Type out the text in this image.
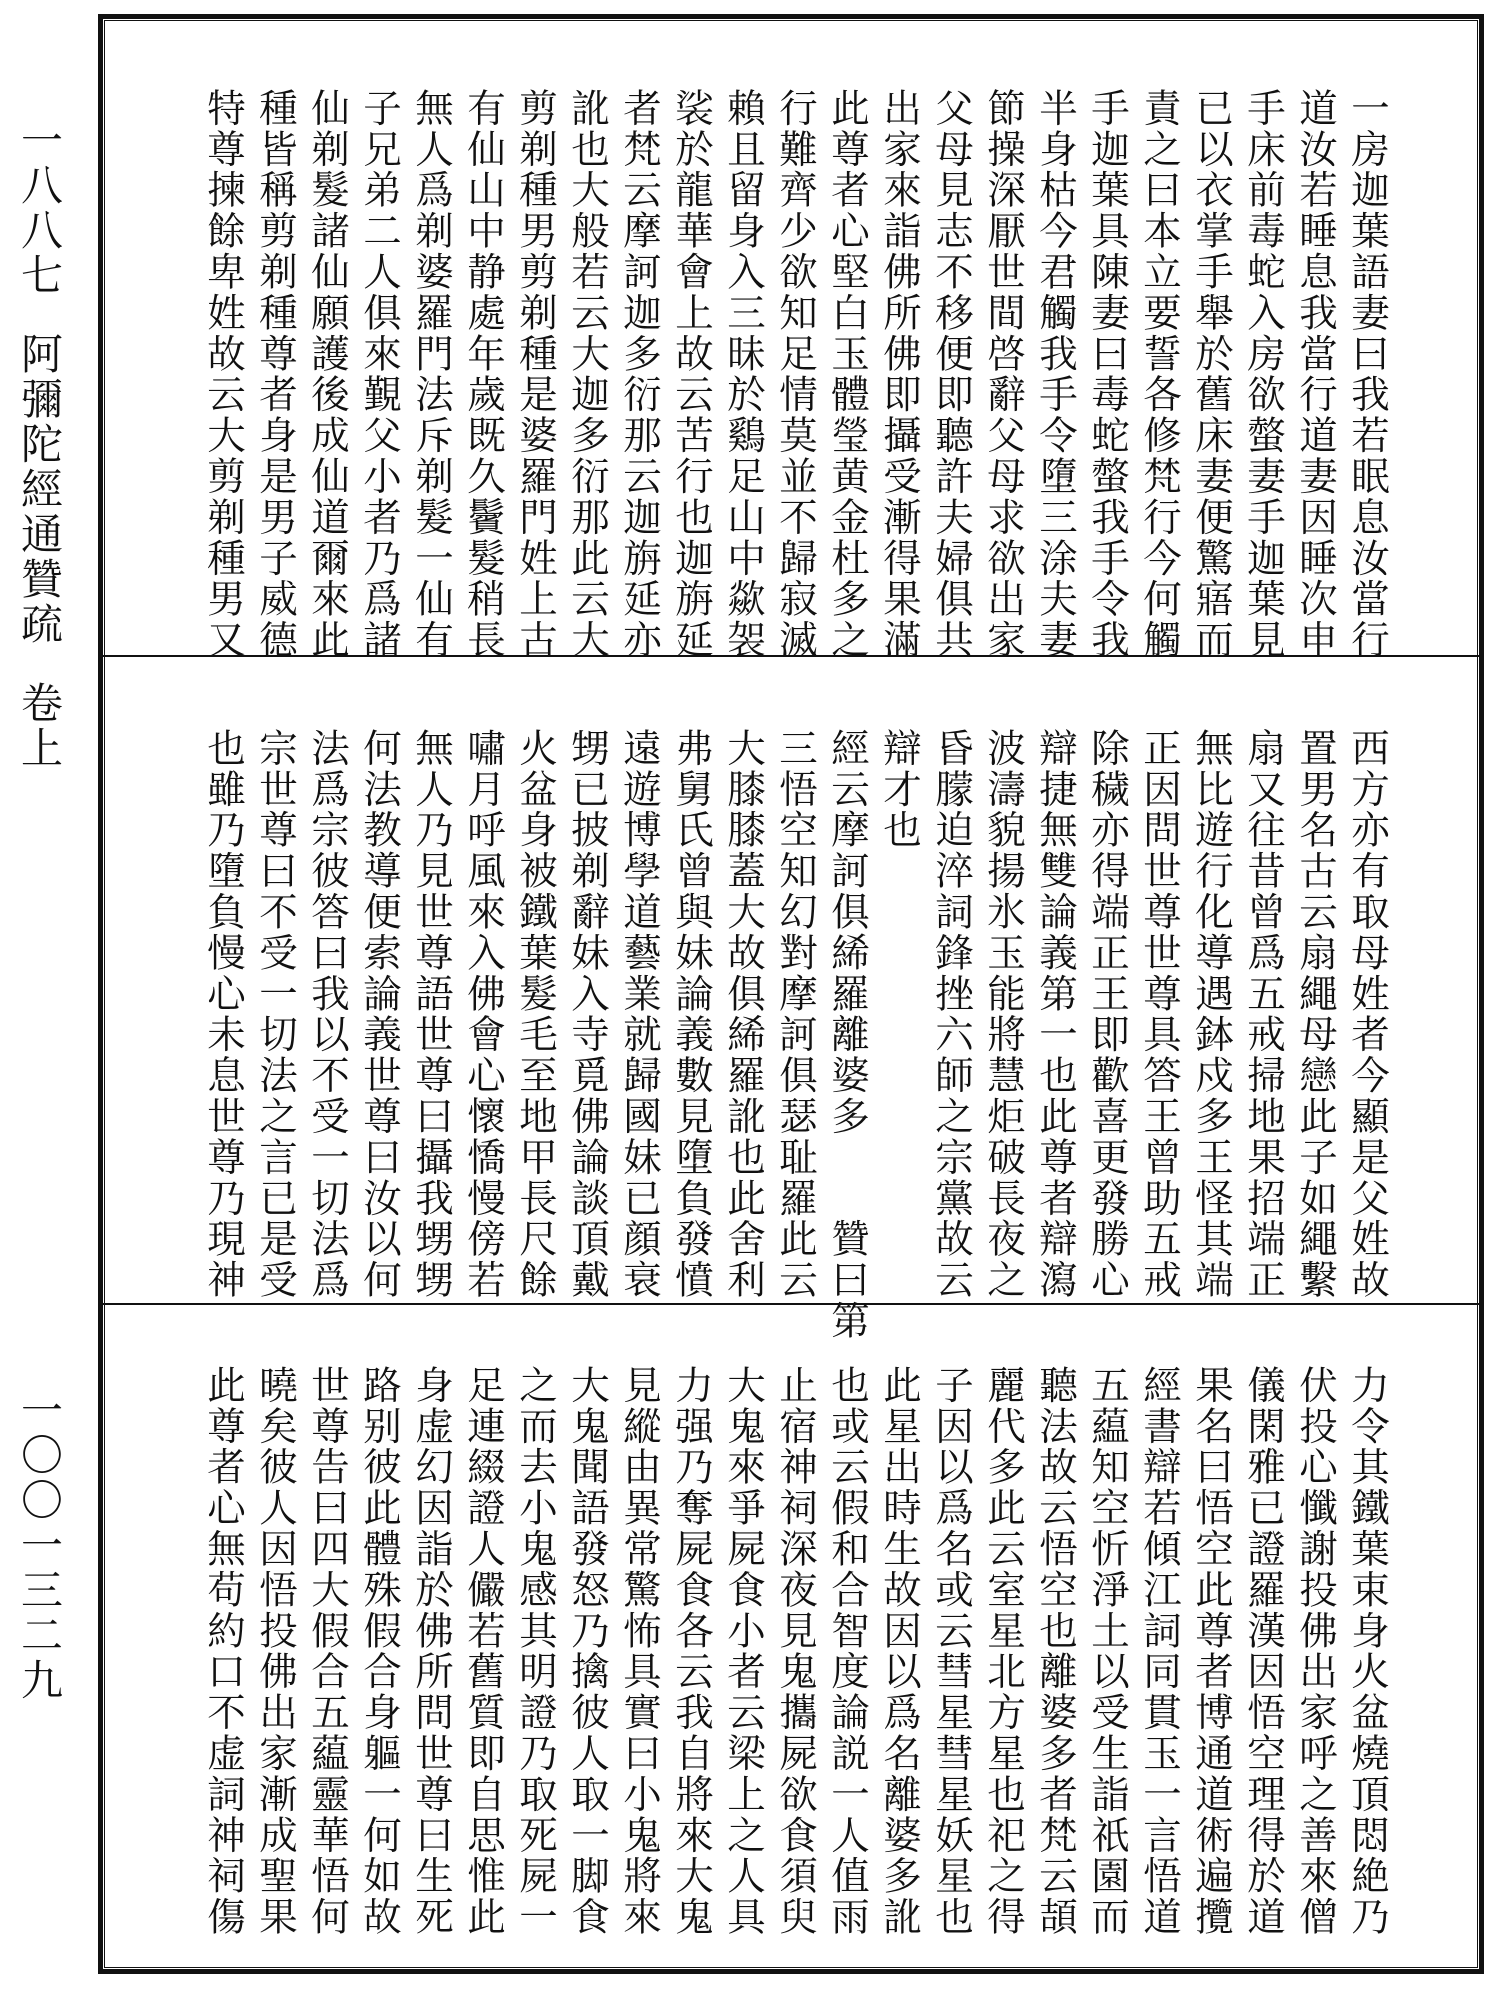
一八八七阿彌陀經通贊疏卷上
一〇〇一三二九
一房迦葉語妻曰我若眠息汝當行
道汝若睡息我當行道妻因睡次申
手床前毒蛇入房欲螫妻手迦葉見
已以衣掌手舉於舊床妻便驚寤而
責之曰本立要誓各修梵行今何觸
手迦葉具陳妻曰毒蛇螫我手令我
半身枯今君觸我手令墮三涂夫妻
節操深厭世間啓辭父母求欲出家
父母見志不移便即聽許夫婦俱共
出家來詣佛所佛即攝受漸得果滿
此尊者心堅白玉體瑩黄金杜多之
行難齊少欲知足情莫並不歸寂滅
賴且留身入三昧於鷄足山中歘袈
裟於龍華會上故云苦行也迦旃延
者梵云摩訶迦多衍那云迦旃延亦
訛也大般若云大迦多衍那此云大
剪剃種男剪剃種是婆羅門姓上古
有仙山中静處年歲既久鬢髮稍長
無人爲剃婆羅門法斥剃髮一仙有
子兄弟二人俱來覲父小者乃爲諸
仙剃髮諸仙願護後成仙道爾來此
種皆稱剪剃種尊者身是男子威德
特尊揀餘卑姓故云大剪剃種男又
西方亦有取母姓者今顯是父姓故
置男名古云扇繩母戀此子如繩繫
扇又往昔曾爲五戒掃地果招端正
無比遊行化導遇鉢戍多王怪其端
正因問世尊世尊具答王曾助五戒
除穢亦得端正王即歡喜更發勝心
辯捷無雙論義第一也此尊者辯瀉
波濤貌揚氷玉能將慧炬破長夜之
昏朦迫淬詞鋒挫六師之宗黨故云
辯才也
經云摩訶俱絺羅離婆多　　贊曰第
三悟空知幻對摩訶俱瑟耻羅此云
大膝膝蓋大故俱絺羅訛也此舍利
弗舅氏曾與妹論義數見墮負發憤
遠遊博學道藝業就歸國妹已顔衰
甥已披剃辭妹入寺覓佛論談頂戴
火盆身被鐵葉髮毛至地甲長尺餘
嘯月呼風來入佛會心懷憍慢傍若
無人乃見世尊語世尊曰攝我甥甥
何法教導便索論義世尊曰汝以何
法爲宗彼答曰我以不受一切法爲
宗世尊曰不受一切法之言已是受
也雖乃墮負慢心未息世尊乃現神
力令其鐵葉束身火盆燒頂悶絶乃
伏投心懺謝投佛出家呼之善來僧
儀閑雅已證羅漢因悟空理得於道
果名曰悟空此尊者博通道術遍攬
經書辯若傾江詞同貫玉一言悟道
五藴知空忻淨土以受生詣祇園而
聽法故云悟空也離婆多者梵云頡
麗代多此云室星北方星也祀之得
子因以爲名或云彗星彗星妖星也
此星出時生故因以爲名離婆多訛
也或云假和合智度論説一人值雨
止宿神祠深夜見鬼攜屍欲食須臾
大鬼來爭屍食小者云梁上之人具
力强乃奪屍食各云我自將來大鬼
見縱由異常驚怖具實曰小鬼將來
大鬼聞語發怒乃擒彼人取一脚食
之而去小鬼感其明證乃取死屍一
足連綴證人儼若舊質即自思惟此
身虚幻因詣於佛所問世尊曰生死
路别彼此體殊假合身軀一何如故
世尊告曰四大假合五藴靈華悟何
曉矣彼人因悟投佛出家漸成聖果
此尊者心無苟約口不虚詞神祠傷
